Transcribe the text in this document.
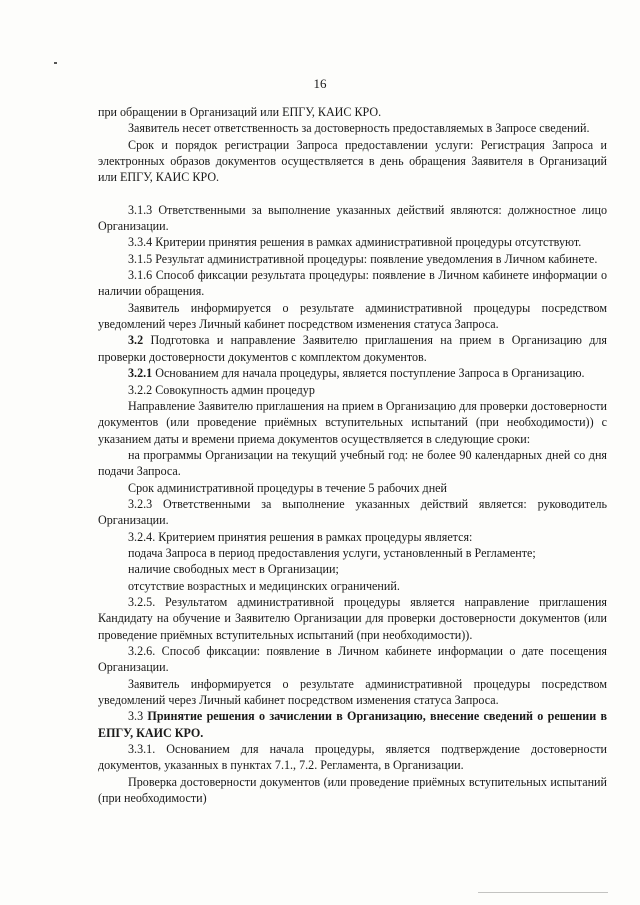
16

при обращении в Организаций или ЕПГУ, КАИС КРО.

Заявитель несет ответственность за достоверность предоставляемых в Запросе сведений.

Срок и порядок регистрации Запроса предоставлении услуги: Регистрация Запроса и электронных образов документов осуществляется в день обращения Заявителя в Организаций или ЕПГУ, КАИС КРО.

3.1.3 Ответственными за выполнение указанных действий являются: должностное лицо Организации.

3.3.4 Критерии принятия решения в рамках административной процедуры отсутствуют.

3.1.5 Результат административной процедуры: появление уведомления в Личном кабинете.

3.1.6 Способ фиксации результата процедуры: появление в Личном кабинете информации о наличии обращения.

Заявитель информируется о результате административной процедуры посредством уведомлений через Личный кабинет посредством изменения статуса Запроса.

3.2 Подготовка и направление Заявителю приглашения на прием в Организацию для проверки достоверности документов с комплектом документов.

3.2.1 Основанием для начала процедуры, является поступление Запроса в Организацию.

3.2.2 Совокупность админ процедур

Направление Заявителю приглашения на прием в Организацию для проверки достоверности документов (или проведение приёмных вступительных испытаний (при необходимости)) с указанием даты и времени приема документов осуществляется в следующие сроки:

на программы Организации на текущий учебный год: не более 90 календарных дней со дня подачи Запроса.

Срок административной процедуры в течение 5 рабочих дней

3.2.3 Ответственными за выполнение указанных действий является: руководитель Организации.

3.2.4. Критерием принятия решения в рамках процедуры является:

подача Запроса в период предоставления услуги, установленный в Регламенте;

наличие свободных мест в Организации;

отсутствие возрастных и медицинских ограничений.

3.2.5. Результатом административной процедуры является направление приглашения Кандидату на обучение и Заявителю Организации для проверки достоверности документов (или проведение приёмных вступительных испытаний (при необходимости)).

3.2.6. Способ фиксации: появление в Личном кабинете информации о дате посещения Организации.

Заявитель информируется о результате административной процедуры посредством уведомлений через Личный кабинет посредством изменения статуса Запроса.

3.3 Принятие решения о зачислении в Организацию, внесение сведений о решении в ЕПГУ, КАИС КРО.

3.3.1. Основанием для начала процедуры, является подтверждение достоверности документов, указанных в пунктах 7.1., 7.2. Регламента, в Организации.

Проверка достоверности документов (или проведение приёмных вступительных испытаний (при необходимости)
